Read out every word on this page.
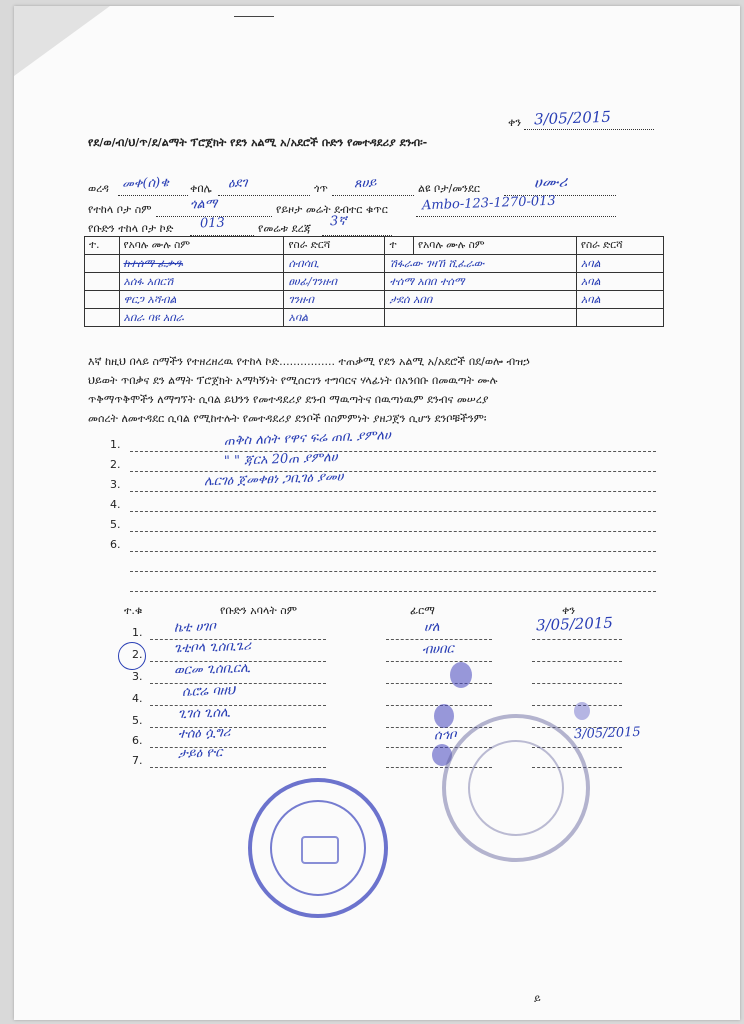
ቀን 3/05/2015
የደ/ወ/ብ/ህ/ጥ/ደ/ልማት ፕሮጀክት የደን አልሚ አ/አደሮች ቡድን የመተዳደሪያ ደንብ፡-
ወረዳ መቀ(ሰ)ቄ ቀበሌ ዕደገ	ጎጥ ጸሀይ	ልዩ ቦታ/መንደር	ሀሙሪ
የተከላ ቦታ ስም	ጎልማ	የይዞታ መሬት ደብተር ቁጥር	Ambo-123-1270-013
የቡድን ተከላ ቦታ ኮድ 013	የመሬቱ ደረጃ 3ኛ
ተ.	የአባሉ ሙሉ ስም	የስራ ድርሻ	ተ	የአባሉ ሙሉ ስም	የስራ ድርሻ
	ከተሰማ ፈቃዱ	ሰብሳቢ	ሽፋራው ገዛኸ ሺፈራው		አባል
	አሰፋ አበርሽ	ፀሀፊ/ገንዘብ	ተሰማ አበበ ተሰማ		አባል
	ዋርጋ አሻብል	ገንዘብ	ታደሰ አበበ		አባል
	አበራ ባዩ አበራ	አባል			
እኛ ከዚህ በላይ ስማችን የተዘረዘረዉ የተከላ ኮድ................ ተጠቃሚ የደን አልሚ አ/አደሮች በደ/ወሎ ብዝኃ
ህይወት ጥበቃና ደን ልማት ፕሮጀክት አማካኝነት የሚሰርገን ተግባርና ሃላፊነት በአንበቡ በመዉጣት ሙሉ
ጥቅማጥቅሞችን ለማግኘት ሲባል ይህንን የመተዳደሪያ ደንብ ማዉጣትና በዉጣነዉም ደንብና መሠረያ
መሰረት ለመተዳደር ሲባል የሚከተሉት የመተዳደሪያ ደንቦች በስምምነት ያዘጋጀን ሲሆን ደንቦቹችንም፡
1.	ጠቅስ ለሰት የዋና ፍሬ ጠቢ ያምለሀ
2.	" " ጃርአ 20ጠ ያምለሀ
3.	ሌርገዕ ጀመቀፀነ ጋቢገዕ ያመሀ
4.
5.
6.
ተ.ቁ	የቡድን አባላት ስም	ፊርማ	ቀን
1. ኬቲ ሀገቦ	ሆለ	3/05/2015
2. ጌቲቦላ ጊሰቢጌሪ	ብሀበር
3. ወርመ ጊሰቢርሊ
4.	ሴሮሬ ባዘህ
5.	ጊገሰ ጊሰሊ
6.	ተሰዕ ሷግሪ	ሰኅቦ	3/05/2015
7.	ታይዕ ዮር
ይ
